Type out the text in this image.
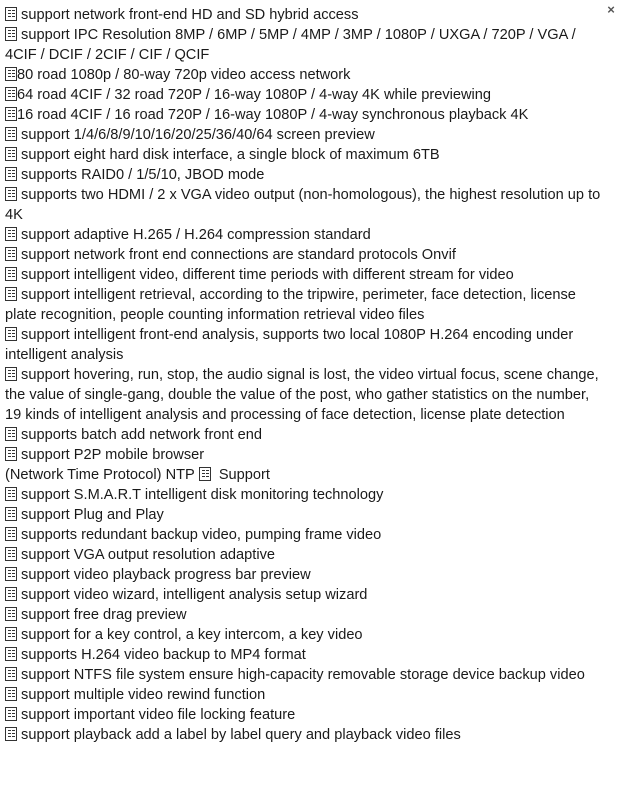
×
support network front-end HD and SD hybrid access
support IPC Resolution 8MP / 6MP / 5MP / 4MP / 3MP / 1080P / UXGA / 720P / VGA / 4CIF / DCIF / 2CIF / CIF / QCIF
80 road 1080p / 80-way 720p video access network
64 road 4CIF / 32 road 720P / 16-way 1080P / 4-way 4K while previewing
16 road 4CIF / 16 road 720P / 16-way 1080P / 4-way synchronous playback 4K
support 1/4/6/8/9/10/16/20/25/36/40/64 screen preview
support eight hard disk interface, a single block of maximum 6TB
supports RAID0 / 1/5/10, JBOD mode
supports two HDMI / 2 x VGA video output (non-homologous), the highest resolution up to 4K
support adaptive H.265 / H.264 compression standard
support network front end connections are standard protocols Onvif
support intelligent video, different time periods with different stream for video
support intelligent retrieval, according to the tripwire, perimeter, face detection, license plate recognition, people counting information retrieval video files
support intelligent front-end analysis, supports two local 1080P H.264 encoding under intelligent analysis
support hovering, run, stop, the audio signal is lost, the video virtual focus, scene change, the value of single-gang, double the value of the post, who gather statistics on the number, 19 kinds of intelligent analysis and processing of face detection, license plate detection
supports batch add network front end
support P2P mobile browser
(Network Time Protocol) NTP Support
support S.M.A.R.T intelligent disk monitoring technology
support Plug and Play
supports redundant backup video, pumping frame video
support VGA output resolution adaptive
support video playback progress bar preview
support video wizard, intelligent analysis setup wizard
support free drag preview
support for a key control, a key intercom, a key video
supports H.264 video backup to MP4 format
support NTFS file system ensure high-capacity removable storage device backup video
support multiple video rewind function
support important video file locking feature
support playback add a label by label query and playback video files
